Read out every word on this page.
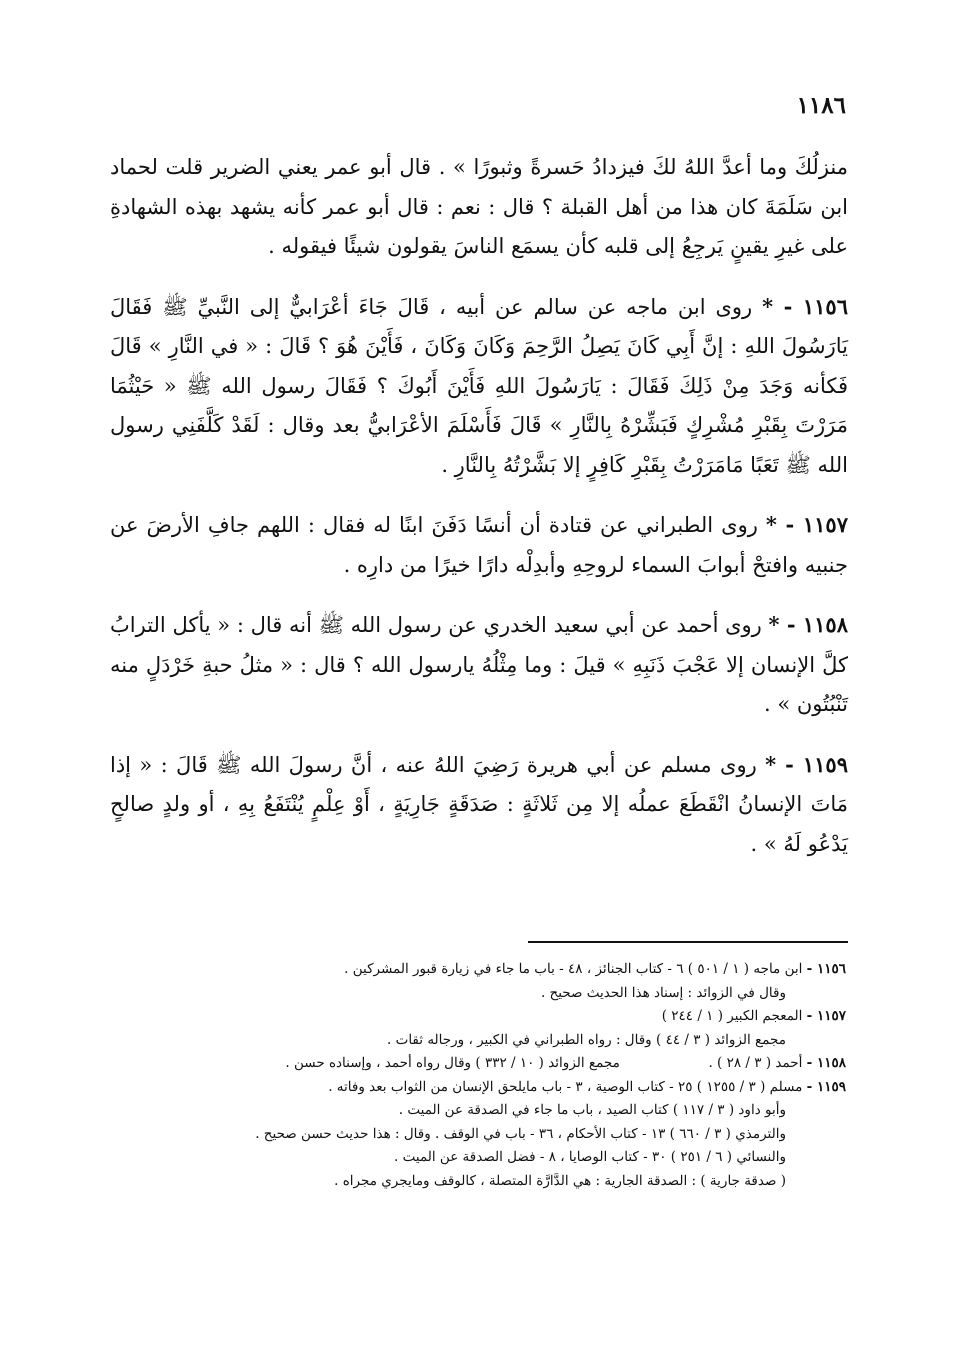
١١٨٦

منزلُكَ وما أعدَّ اللهُ لكَ فيزدادُ حَسرةً وثبورًا » . قال أبو عمر يعني الضرير قلت لحماد ابن سَلَمَةَ كان هذا من أهل القبلة ؟ قال : نعم : قال أبو عمر كأنه يشهد بهذه الشهادةِ على غيرِ يقينٍ يَرجِعُ إلى قلبه كأن يسمَع الناسَ يقولون شيئًا فيقوله .

١١٥٦ - * روى ابن ماجه عن سالم عن أبيه ، قَالَ جَاءَ أعْرَابيٌّ إلى النَّبيِّ ﷺ فَقَالَ يَارَسُولَ اللهِ : إنَّ أَبِي كَانَ يَصِلُ الرَّحِمَ وَكَانَ وَكَانَ ، فَأَيْنَ هُوَ ؟ قَالَ : « في النَّارِ » قَالَ فَكأنه وَجَدَ مِنْ ذَلِكَ فَقَالَ : يَارَسُولَ اللهِ فَأَيْنَ أَبُوكَ ؟ فَقَالَ رسول الله ﷺ « حَيْثُمَا مَرَرْتَ بِقَبْرِ مُشْرِكٍ فَبَشِّرْهُ بِالنَّارِ » قَالَ فَأَسْلَمَ الأعْرَابيُّ بعد وقال : لَقَدْ كَلَّفَنِي رسول الله ﷺ تَعَبًا مَامَرَرْتُ بِقَبْرِ كَافِرٍ إلا بَشَّرْتُهُ بِالنَّارِ .

١١٥٧ - * روى الطبراني عن قتادة أن أنسًا دَفَنَ ابنًا له فقال : اللهم جافِ الأرضَ عن جنبيه وافتحْ أبوابَ السماء لروحِهِ وأبدِلْه دارًا خيرًا من دارِه .

١١٥٨ - * روى أحمد عن أبي سعيد الخدري عن رسول الله ﷺ أنه قال : « يأكل الترابُ كلَّ الإنسان إلا عَجْبَ ذَنَبِهِ » قيلَ : وما مِثْلُهُ يارسول الله ؟ قال : « مثلُ حبةِ خَرْدَلٍ منه تَنْبُتُون » .

١١٥٩ - * روى مسلم عن أبي هريرة رَضِيَ اللهُ عنه ، أنَّ رسولَ الله ﷺ قَالَ : « إذا مَاتَ الإنسانُ انْقَطَعَ عملُه إلا مِن ثَلاثَةٍ : صَدَقَةٍ جَارِيَةٍ ، أَوْ عِلْمٍ يُنْتَفَعُ بِهِ ، أو ولدٍ صالحٍ يَدْعُو لَهُ » .

١١٥٦ - ابن ماجه ( ١ / ٥٠١ ) ٦ - كتاب الجنائز ، ٤٨ - باب ما جاء في زيارة قبور المشركين .
وقال في الزوائد : إسناد هذا الحديث صحيح .
١١٥٧ - المعجم الكبير ( ١ / ٢٤٤ )
مجمع الزوائد ( ٣ / ٤٤ ) وقال : رواه الطبراني في الكبير ، ورجاله ثقات .
١١٥٨ - أحمد ( ٣ / ٢٨ ) .  مجمع الزوائد ( ١٠ / ٣٣٢ ) وقال رواه أحمد ، وإسناده حسن .
١١٥٩ - مسلم ( ٣ / ١٢٥٥ ) ٢٥ - كتاب الوصية ، ٣ - باب مايلحق الإنسان من الثواب بعد وفاته .
وأبو داود ( ٣ / ١١٧ ) كتاب الصيد ، باب ما جاء في الصدقة عن الميت .
والترمذي ( ٣ / ٦٦٠ ) ١٣ - كتاب الأحكام ، ٣٦ - باب في الوقف . وقال : هذا حديث حسن صحيح .
والنسائي ( ٦ / ٢٥١ ) ٣٠ - كتاب الوصايا ، ٨ - فضل الصدقة عن الميت .
( صدقة جارية ) : الصدقة الجارية : هي الدَّارَّة المتصلة ، كالوقف ومايجري مجراه .
